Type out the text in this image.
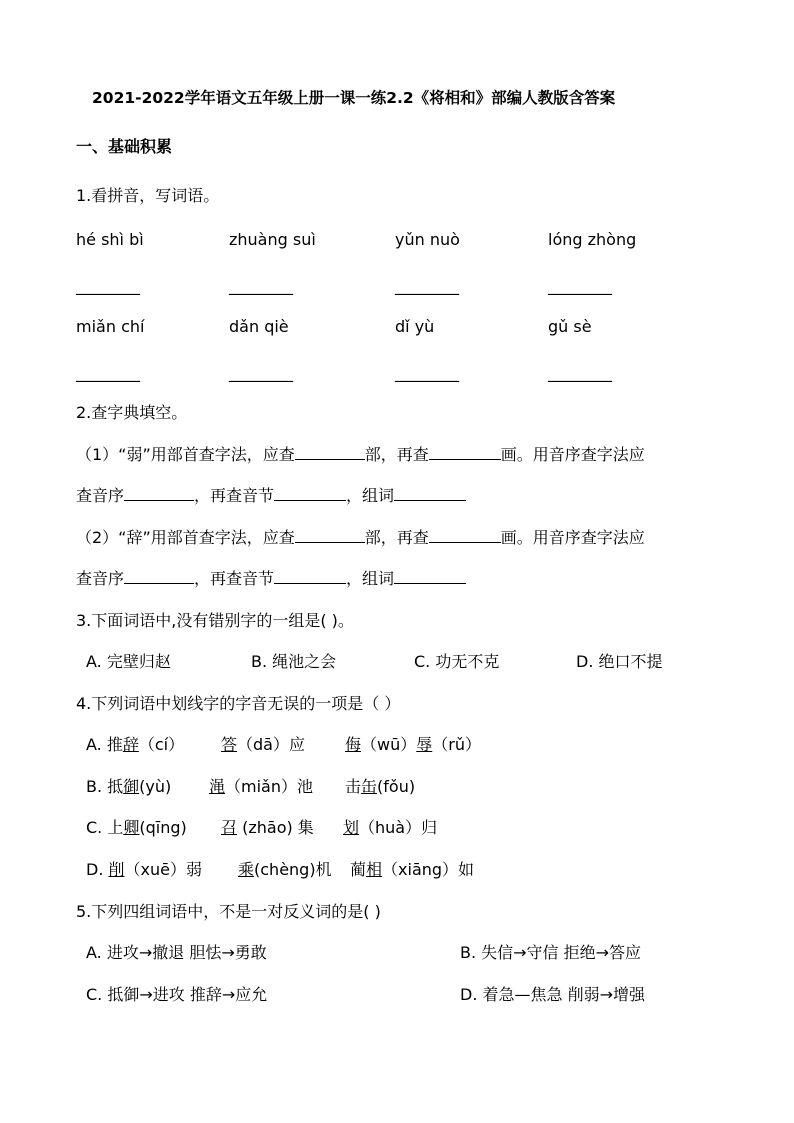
2021-2022学年语文五年级上册一课一练2.2《将相和》部编人教版含答案
一、基础积累
1.看拼音，写词语。
hé shì bì	zhuàng suì	yǔn nuò	lóng zhòng
________	________	________	________
miǎn chí	dǎn qiè	dǐ yù	gǔ sè
________	________	________	________
2.查字典填空。
（1）“弱”用部首查字法，应查	部，再查	画。用音序查字法应
查音序	，再查音节	，组词
（2）“辞”用部首查字法，应查	部，再查	画。用音序查字法应
查音序	，再查音节	，组词
3.下面词语中,没有错别字的一组是( )。
A. 完壁归赵	B. 绳池之会	C. 功无不克	D. 绝口不提
4.下列词语中划线字的字音无误的一项是（ ）
A. 推辞（cí） 答（dā）应	侮（wū）辱（rǔ）
B. 抵御(yù) 渑（miǎn）池 击缶(fǒu)
C. 上卿(qīng) 召 (zhāo) 集 划（huà）归
D. 削（xuē）弱 乘(chèng)机 蔺相（xiāng）如
5.下列四组词语中，不是一对反义词的是( )
A. 进攻→撤退 胆怯→勇敢	B. 失信→守信 拒绝→答应
C. 抵御→进攻 推辞→应允	D. 着急—焦急 削弱→增强
